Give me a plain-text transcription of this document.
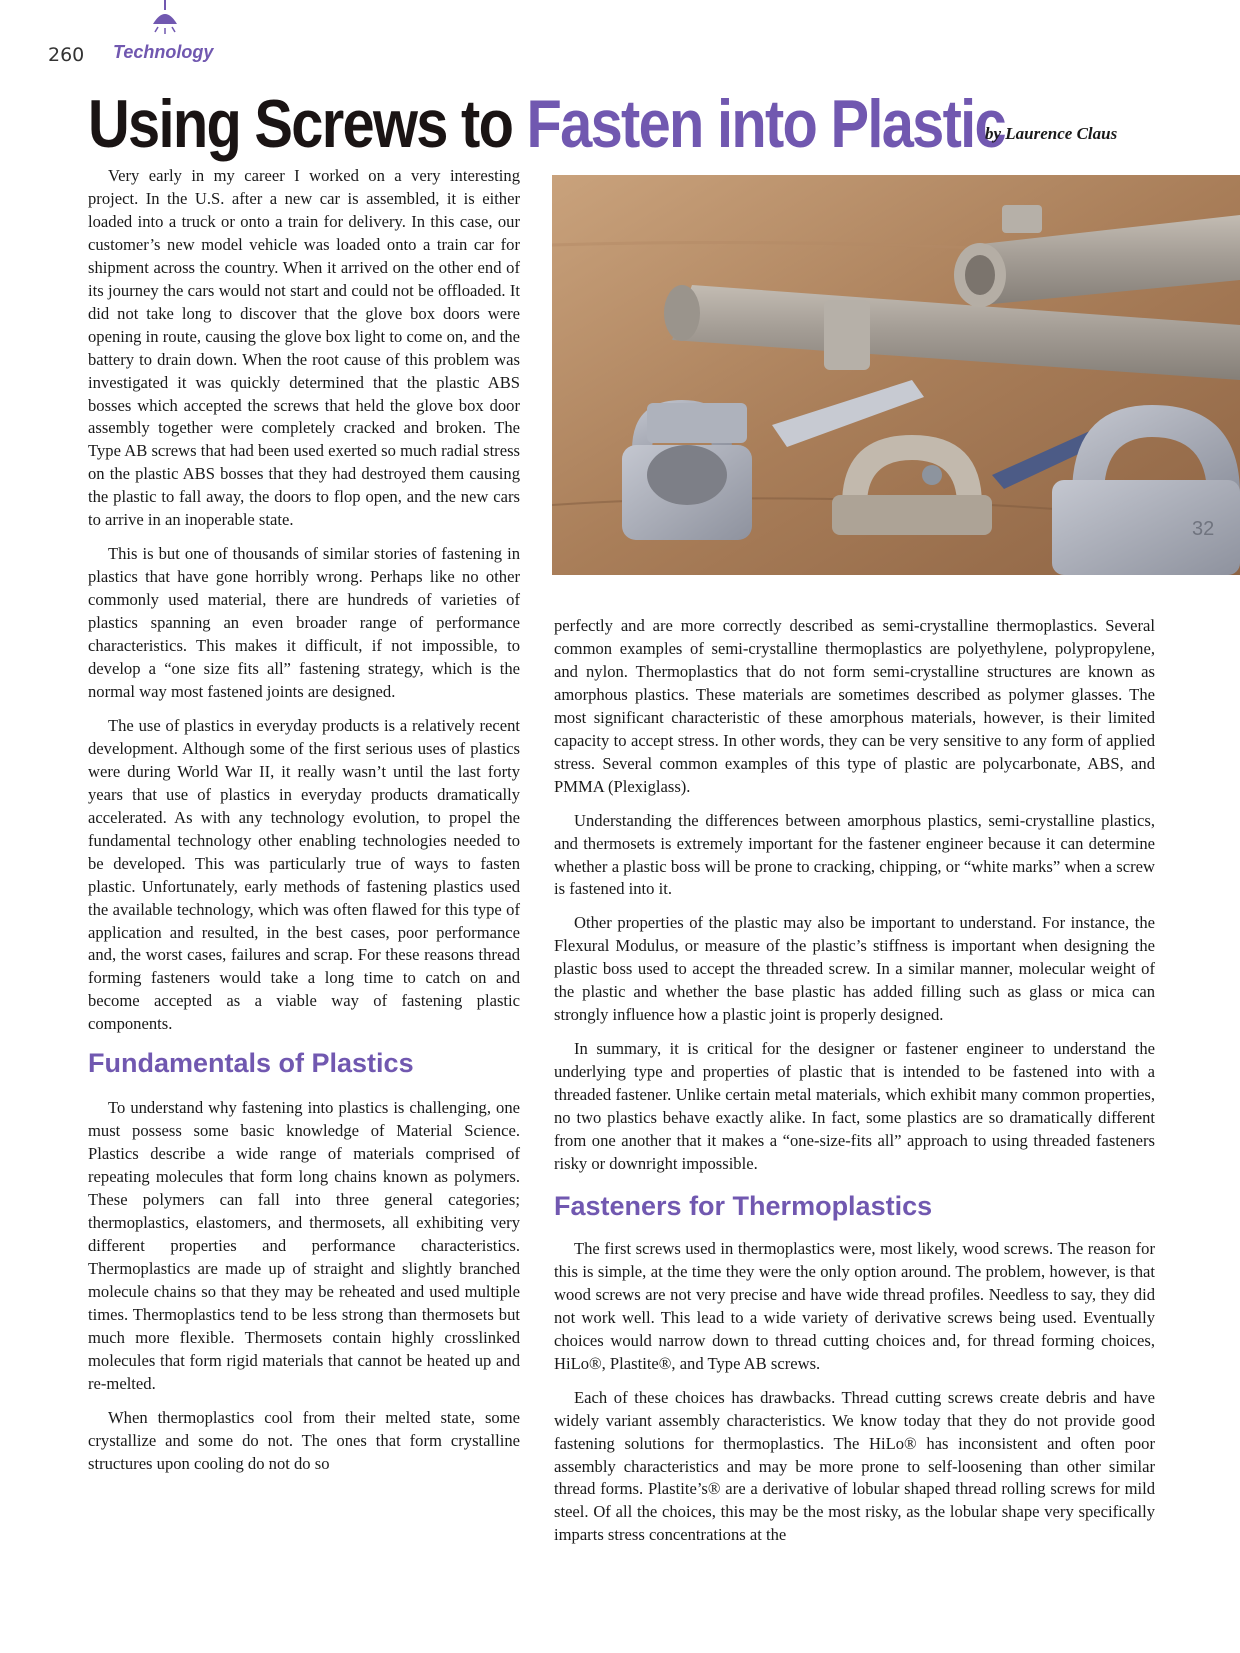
260 Technology
Using Screws to Fasten into Plastic
by Laurence Claus

Very early in my career I worked on a very interesting project. In the U.S. after a new car is assembled, it is either loaded into a truck or onto a train for delivery. In this case, our customer’s new model vehicle was loaded onto a train car for shipment across the country. When it arrived on the other end of its journey the cars would not start and could not be offloaded. It did not take long to discover that the glove box doors were opening in route, causing the glove box light to come on, and the battery to drain down. When the root cause of this problem was investigated it was quickly determined that the plastic ABS bosses which accepted the screws that held the glove box door assembly together were completely cracked and broken. The Type AB screws that had been used exerted so much radial stress on the plastic ABS bosses that they had destroyed them causing the plastic to fall away, the doors to flop open, and the new cars to arrive in an inoperable state.

This is but one of thousands of similar stories of fastening in plastics that have gone horribly wrong. Perhaps like no other commonly used material, there are hundreds of varieties of plastics spanning an even broader range of performance characteristics. This makes it difficult, if not impossible, to develop a “one size fits all” fastening strategy, which is the normal way most fastened joints are designed.

The use of plastics in everyday products is a relatively recent development. Although some of the first serious uses of plastics were during World War II, it really wasn’t until the last forty years that use of plastics in everyday products dramatically accelerated. As with any technology evolution, to propel the fundamental technology other enabling technologies needed to be developed. This was particularly true of ways to fasten plastic. Unfortunately, early methods of fastening plastics used the available technology, which was often flawed for this type of application and resulted, in the best cases, poor performance and, the worst cases, failures and scrap. For these reasons thread forming fasteners would take a long time to catch on and become accepted as a viable way of fastening plastic components.

Fundamentals of Plastics

To understand why fastening into plastics is challenging, one must possess some basic knowledge of Material Science. Plastics describe a wide range of materials comprised of repeating molecules that form long chains known as polymers. These polymers can fall into three general categories; thermoplastics, elastomers, and thermosets, all exhibiting very different properties and performance characteristics. Thermoplastics are made up of straight and slightly branched molecule chains so that they may be reheated and used multiple times. Thermoplastics tend to be less strong than thermosets but much more flexible. Thermosets contain highly crosslinked molecules that form rigid materials that cannot be heated up and re-melted.

When thermoplastics cool from their melted state, some crystallize and some do not. The ones that form crystalline structures upon cooling do not do so

32

perfectly and are more correctly described as semi-crystalline thermoplastics. Several common examples of semi-crystalline thermoplastics are polyethylene, polypropylene, and nylon. Thermoplastics that do not form semi-crystalline structures are known as amorphous plastics. These materials are sometimes described as polymer glasses. The most significant characteristic of these amorphous materials, however, is their limited capacity to accept stress. In other words, they can be very sensitive to any form of applied stress. Several common examples of this type of plastic are polycarbonate, ABS, and PMMA (Plexiglass).

Understanding the differences between amorphous plastics, semi-crystalline plastics, and thermosets is extremely important for the fastener engineer because it can determine whether a plastic boss will be prone to cracking, chipping, or “white marks” when a screw is fastened into it.

Other properties of the plastic may also be important to understand. For instance, the Flexural Modulus, or measure of the plastic’s stiffness is important when designing the plastic boss used to accept the threaded screw. In a similar manner, molecular weight of the plastic and whether the base plastic has added filling such as glass or mica can strongly influence how a plastic joint is properly designed.

In summary, it is critical for the designer or fastener engineer to understand the underlying type and properties of plastic that is intended to be fastened into with a threaded fastener. Unlike certain metal materials, which exhibit many common properties, no two plastics behave exactly alike. In fact, some plastics are so dramatically different from one another that it makes a “one-size-fits all” approach to using threaded fasteners risky or downright impossible.

Fasteners for Thermoplastics

The first screws used in thermoplastics were, most likely, wood screws. The reason for this is simple, at the time they were the only option around. The problem, however, is that wood screws are not very precise and have wide thread profiles. Needless to say, they did not work well. This lead to a wide variety of derivative screws being used. Eventually choices would narrow down to thread cutting choices and, for thread forming choices, HiLo®, Plastite®, and Type AB screws.

Each of these choices has drawbacks. Thread cutting screws create debris and have widely variant assembly characteristics. We know today that they do not provide good fastening solutions for thermoplastics. The HiLo® has inconsistent and often poor assembly characteristics and may be more prone to self-loosening than other similar thread forms. Plastite’s® are a derivative of lobular shaped thread rolling screws for mild steel. Of all the choices, this may be the most risky, as the lobular shape very specifically imparts stress concentrations at the
